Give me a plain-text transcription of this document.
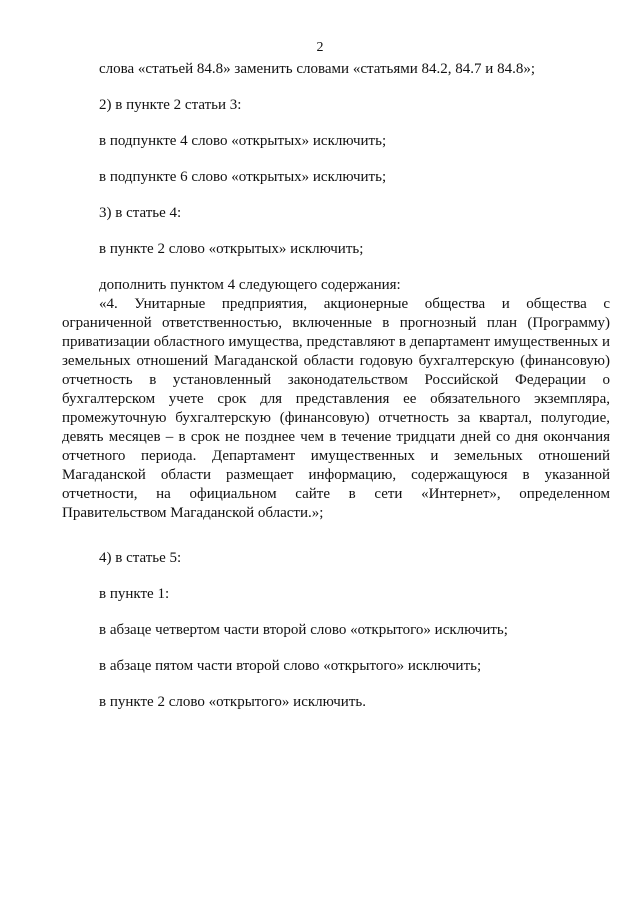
2

слова «статьей 84.8» заменить словами «статьями 84.2, 84.7 и 84.8»;

2) в пункте 2 статьи 3:

в подпункте 4 слово «открытых» исключить;

в подпункте 6 слово «открытых» исключить;

3) в статье 4:

в пункте 2 слово «открытых» исключить;

дополнить пунктом 4 следующего содержания:

«4. Унитарные предприятия, акционерные общества и общества с ограниченной ответственностью, включенные в прогнозный план (Программу) приватизации областного имущества, представляют в департамент имущественных и земельных отношений Магаданской области годовую бухгалтерскую (финансовую) отчетность в установленный законодательством Российской Федерации о бухгалтерском учете срок для представления ее обязательного экземпляра, промежуточную бухгалтерскую (финансовую) отчетность за квартал, полугодие, девять месяцев – в срок не позднее чем в течение тридцати дней со дня окончания отчетного периода. Департамент имущественных и земельных отношений Магаданской области размещает информацию, содержащуюся в указанной отчетности, на официальном сайте в сети «Интернет», определенном Правительством Магаданской области.»;

4) в статье 5:

в пункте 1:

в абзаце четвертом части второй слово «открытого» исключить;

в абзаце пятом части второй слово «открытого» исключить;

в пункте 2 слово «открытого» исключить.
